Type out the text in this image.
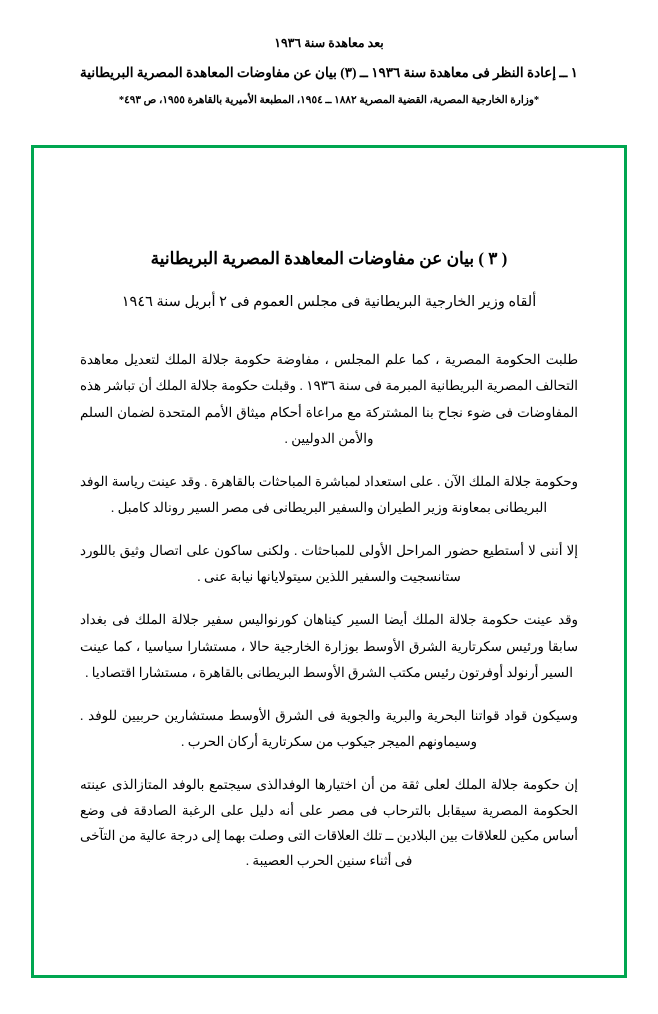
بعد معاهدة سنة ١٩٣٦
١ ــ إعادة النظر فى معاهدة سنة ١٩٣٦ ــ (٣) بيان عن مفاوضات المعاهدة المصرية البريطانية
*وزارة الخارجية المصرية، القضية المصرية ١٨٨٢ ــ ١٩٥٤، المطبعة الأميرية بالقاهرة ١٩٥٥، ص ٤٩٣*
( ٣ ) بيان عن مفاوضات المعاهدة المصرية البريطانية
ألقاه وزير الخارجية البريطانية فى مجلس العموم فى ٢ أبريل سنة ١٩٤٦

طلبت الحكومة المصرية ، كما علم المجلس ، مفاوضة حكومة جلالة الملك لتعديل معاهدة التحالف المصرية البريطانية المبرمة فى سنة ١٩٣٦ . وقبلت حكومة جلالة الملك أن تباشر هذه المفاوضات فى ضوء نجاح بنا المشتركة مع مراعاة أحكام ميثاق الأمم المتحدة لضمان السلم والأمن الدوليين .

وحكومة جلالة الملك الآن . على استعداد لمباشرة المباحثات بالقاهرة . وقد عينت رياسة الوفد البريطانى بمعاونة وزير الطيران والسفير البريطانى فى مصر السير رونالد كامبل .

إلا أننى لا أستطيع حضور المراحل الأولى للمباحثات . ولكنى ساكون على اتصال وثيق باللورد ستانسجيت والسفير اللذين سيتولايانها نيابة عنى .

وقد عينت حكومة جلالة الملك أيضا السير كيناهان كورنواليس سفير جلالة الملك فى بغداد سابقا ورئيس سكرتارية الشرق الأوسط بوزارة الخارجية حالا ، مستشارا سياسيا ، كما عينت السير أرنولد أوفرتون رئيس مكتب الشرق الأوسط البريطانى بالقاهرة ، مستشارا اقتصاديا .

وسيكون قواد قواتنا البحرية والبرية والجوية فى الشرق الأوسط مستشارين حربيين للوفد . وسيماونهم الميجر جيكوب من سكرتارية أركان الحرب .

إن حكومة جلالة الملك لعلى ثقة من أن اختيارها الوفدالذى سيجتمع بالوفد المتازالذى عينته الحكومة المصرية سيقابل بالترحاب فى مصر على أنه دليل على الرغبة الصادقة فى وضع أساس مكين للعلاقات بين البلادين ــ تلك العلاقات التى وصلت بهما إلى درجة عالية من التآخى فى أثناء سنين الحرب العصيبة .
